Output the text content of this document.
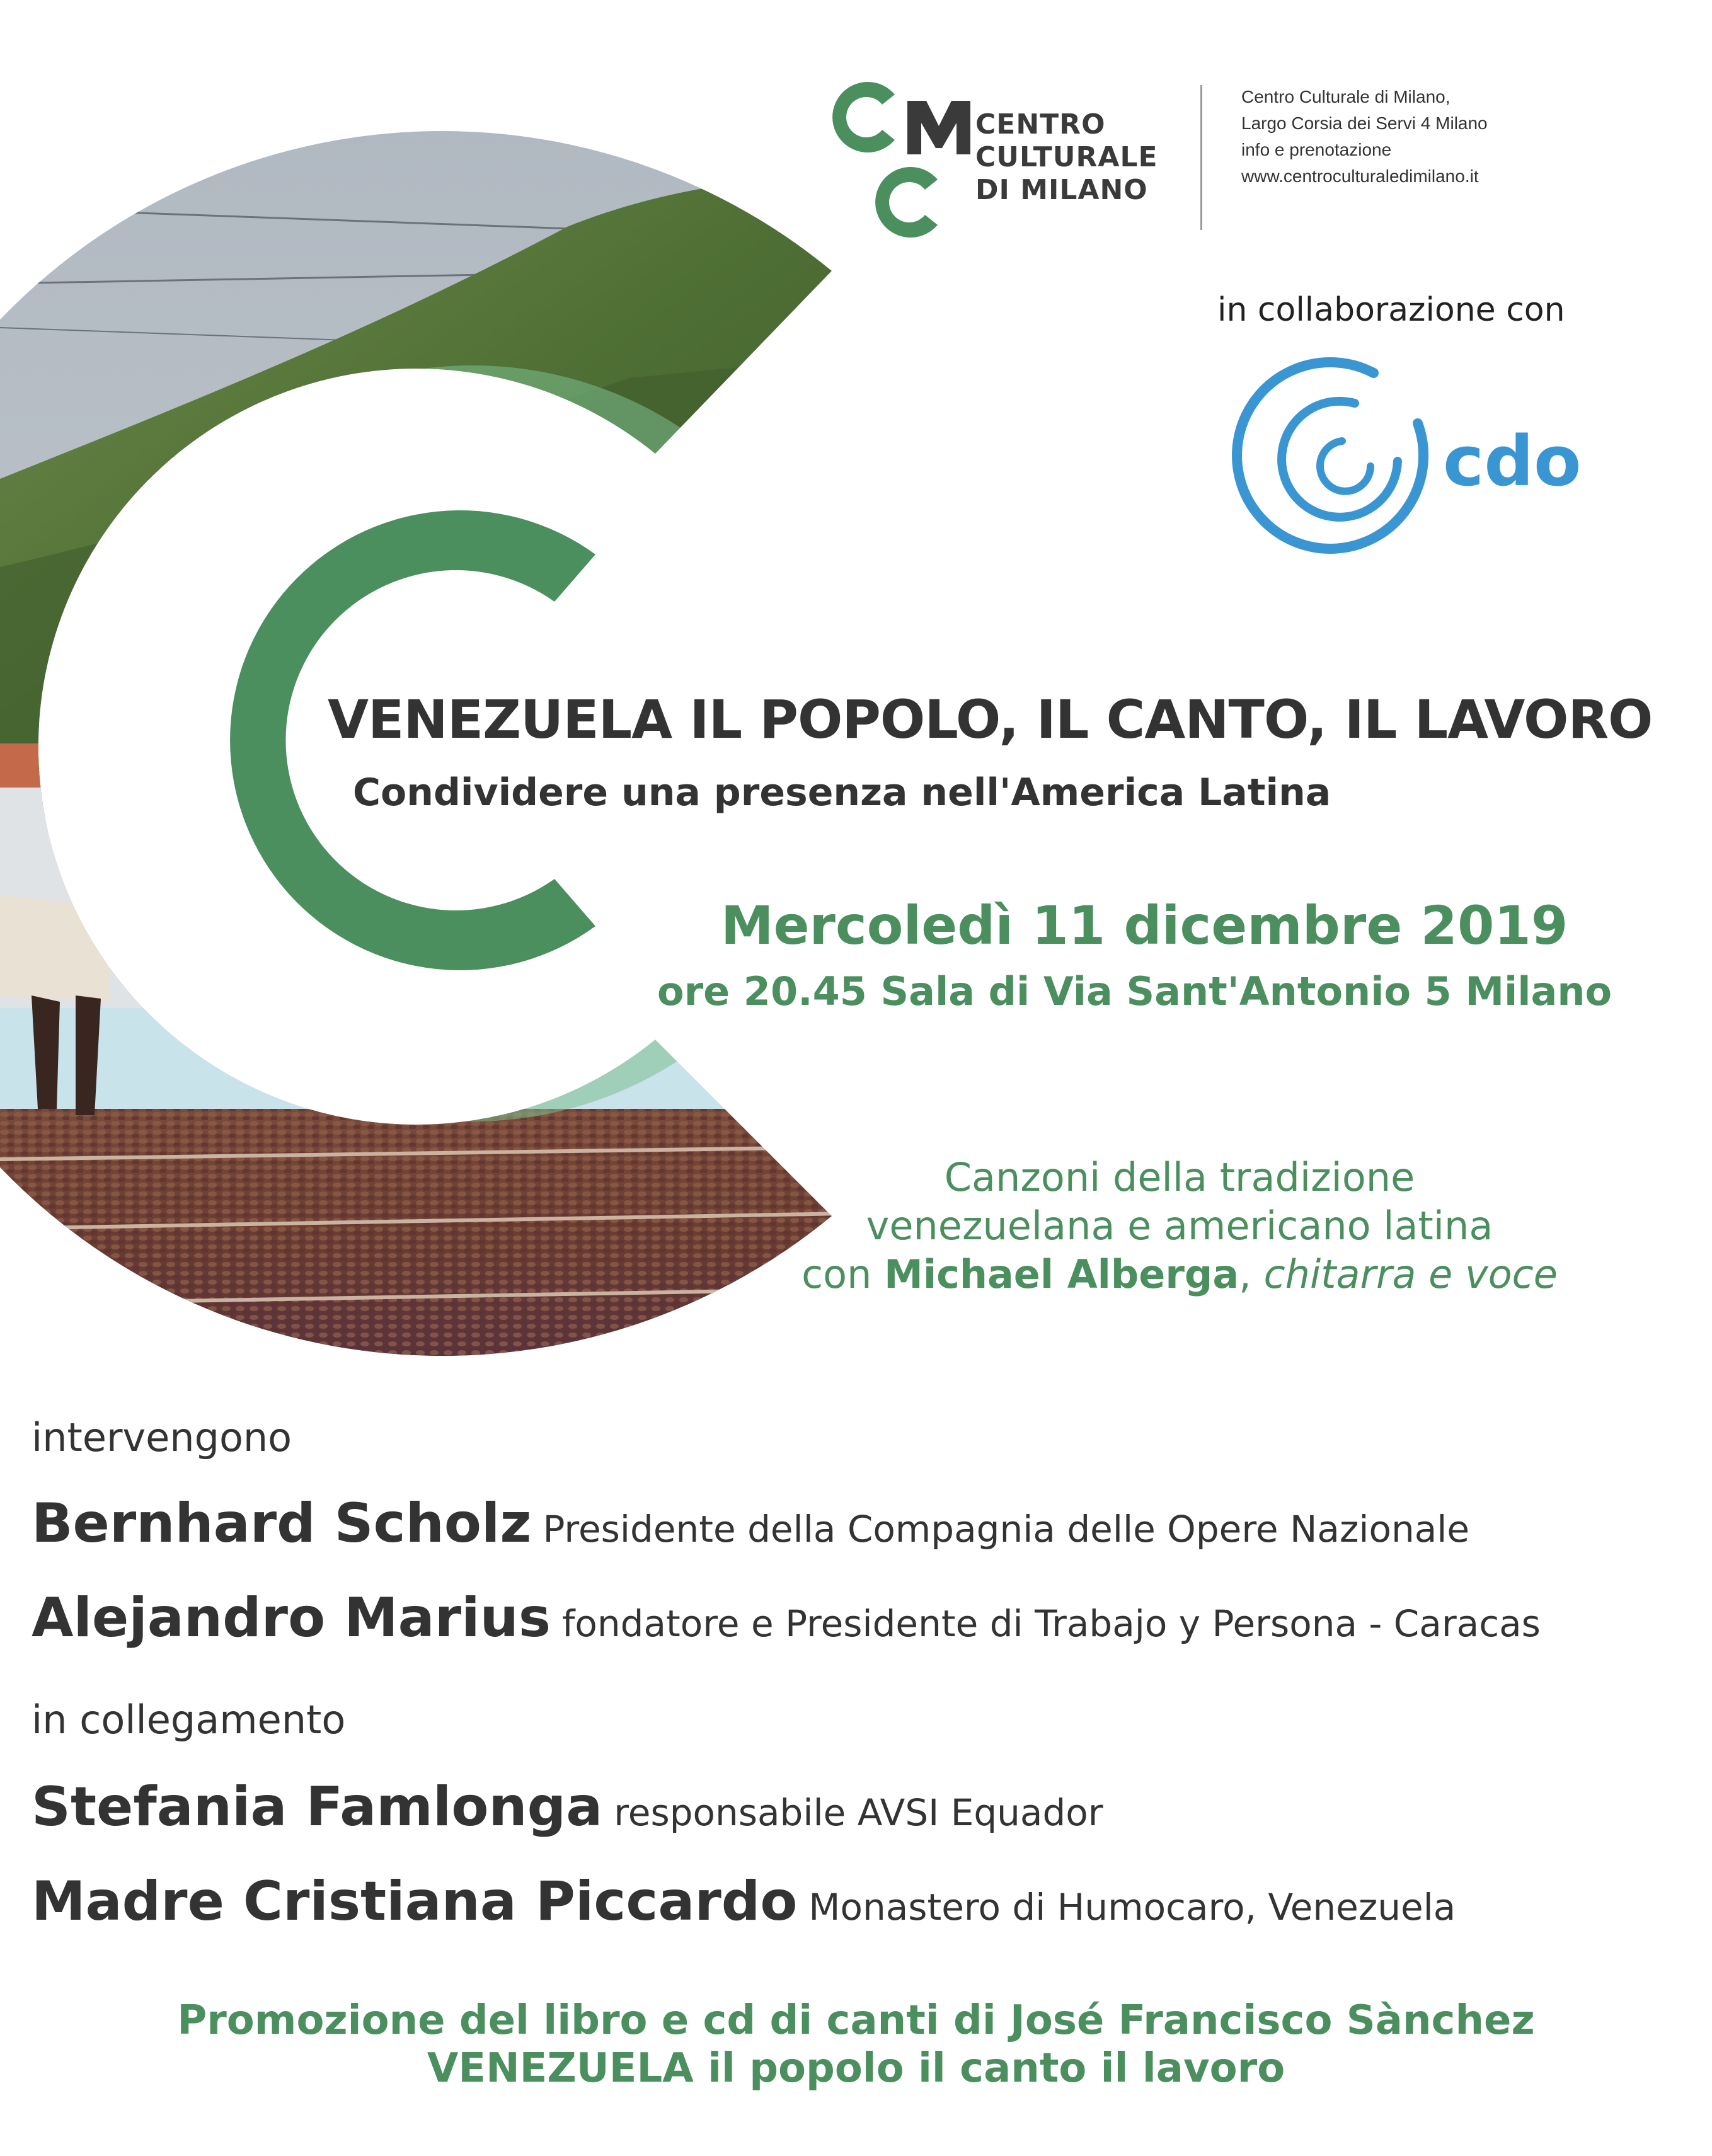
CENTRO
CULTURALE
DI MILANO
Centro Culturale di Milano,
Largo Corsia dei Servi 4 Milano
info e prenotazione
www.centroculturaledimilano.it
in collaborazione con
cdo
VENEZUELA IL POPOLO, IL CANTO, IL LAVORO
Condividere una presenza nell'America Latina
Mercoledì 11 dicembre 2019
ore 20.45 Sala di Via Sant'Antonio 5 Milano
Canzoni della tradizione
venezuelana e americano latina
con Michael Alberga, chitarra e voce
intervengono
Bernhard Scholz Presidente della Compagnia delle Opere Nazionale
Alejandro Marius fondatore e Presidente di Trabajo y Persona - Caracas
in collegamento
Stefania Famlonga responsabile AVSI Equador
Madre Cristiana Piccardo Monastero di Humocaro, Venezuela
Promozione del libro e cd di canti di José Francisco Sànchez
VENEZUELA il popolo il canto il lavoro
